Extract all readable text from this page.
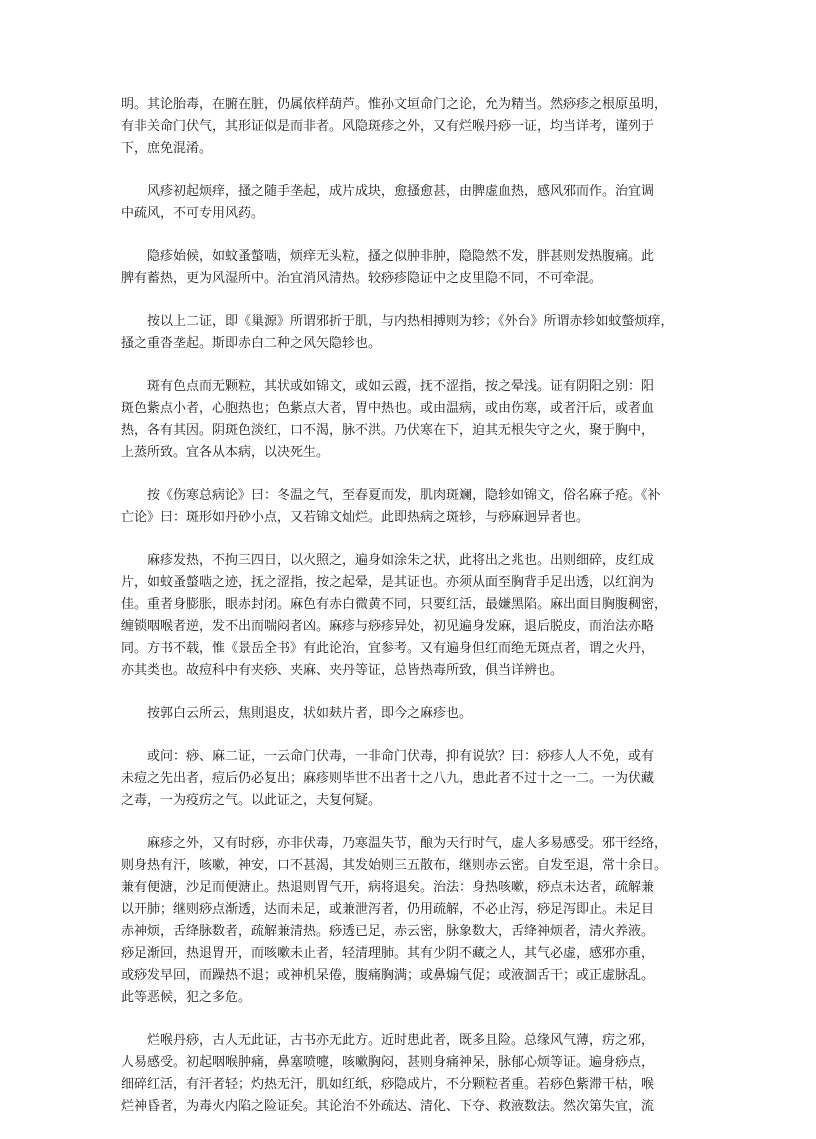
明。其论胎毒，在腑在脏，仍属依样葫芦。惟孙文垣命门之论，允为精当。然痧疹之根原虽明，
有非关命门伏气，其形证似是而非者。风隐斑疹之外，又有烂喉丹痧一证，均当详考，谨列于
下，庶免混淆。
风疹初起烦痒，搔之随手垄起，成片成块，愈搔愈甚，由脾虚血热，感风邪而作。治宜调
中疏风，不可专用风药。
隐疹始候，如蚊蚤螫啮，烦痒无头粒，搔之似肿非肿，隐隐然不发，胖甚则发热腹痛。此
脾有蓄热，更为风湿所中。治宜消风清热。较痧疹隐证中之皮里隐不同，不可牵混。
按以上二证，即《巢源》所谓邪折于肌，与内热相搏则为轸；《外台》所谓赤轸如蚊螫烦痒，
搔之重沓垄起。斯即赤白二种之风矢隐轸也。
斑有色点而无颗粒，其状或如锦文，或如云霞，抚不涩指，按之晕浅。证有阴阳之别：阳
斑色紫点小者，心胞热也；色紫点大者，胃中热也。或由温病，或由伤寒，或者汗后，或者血
热，各有其因。阴斑色淡红，口不渴，脉不洪。乃伏寒在下，迫其无根失守之火，聚于胸中，
上蒸所致。宜各从本病，以决死生。
按《伤寒总病论》曰：冬温之气，至春夏而发，肌肉斑斓，隐轸如锦文，俗名麻子疮。《补
亡论》曰：斑形如丹砂小点，又若锦文灿烂。此即热病之斑轸，与痧麻迥异者也。
麻疹发热，不拘三四日，以火照之，遍身如涂朱之状，此将出之兆也。出则细碎，皮红成
片，如蚊蚤螫啮之迹，抚之涩指，按之起晕，是其证也。亦须从面至胸背手足出透，以红润为
佳。重者身膨胀，眼赤封闭。麻色有赤白微黄不同，只要红活，最嫌黑陷。麻出面目胸腹稠密，
缠锁咽喉者逆，发不出而喘闷者凶。麻疹与痧疹异处，初见遍身发麻，退后脱皮，而治法亦略
同。方书不载，惟《景岳全书》有此论治，宜参考。又有遍身但红而绝无斑点者，谓之火丹，
亦其类也。故痘科中有夹痧、夹麻、夹丹等证，总皆热毒所致，俱当详辨也。
按郭白云所云，焦則退皮，状如麸片者，即今之麻疹也。
或问：痧、麻二证，一云命门伏毒，一非命门伏毒，抑有说欤？曰：痧疹人人不免，或有
未痘之先出者，痘后仍必复出；麻疹则毕世不出者十之八九，患此者不过十之一二。一为伏藏
之毒，一为疫疠之气。以此证之，夫复何疑。
麻疹之外，又有时痧，亦非伏毒，乃寒温失节，酿为天行时气，虚人多易感受。邪干经络，
则身热有汗，咳嗽，神安，口不甚渴，其发始则三五散布，继则赤云密。自发至退，常十余日。
兼有便溏，沙足而便溏止。热退则胃气开，病将退矣。治法：身热咳嗽，痧点未达者，疏解兼
以开肺；继则痧点渐透，达而未足，或兼泄泻者，仍用疏解，不必止泻，痧足泻即止。未足目
赤神烦，舌绛脉数者，疏解兼清热。痧透已足，赤云密，脉象数大，舌绛神烦者，清火养液。
痧足渐回，热退胃开，而咳嗽未止者，轻清理肺。其有少阴不藏之人，其气必虚，感邪亦重，
或痧发早回，而躁热不退；或神机呆倦，腹痛胸满；或鼻煽气促；或液涸舌干；或正虚脉乱。
此等恶候，犯之多危。
烂喉丹痧，古人无此证，古书亦无此方。近时患此者，既多且险。总缘风气薄，疠之邪，
人易感受。初起咽喉肿痛，鼻塞喷嚏，咳嗽胸闷，甚则身痛神呆，脉郁心烦等证。遍身痧点，
细碎红活，有汗者轻；灼热无汗，肌如红纸，痧隐成片，不分颗粒者重。若痧色紫滞干枯，喉
烂神昏者，为毒火内陷之险证矣。其论治不外疏达、清化、下夺、救液数法。然次第失宜，流
